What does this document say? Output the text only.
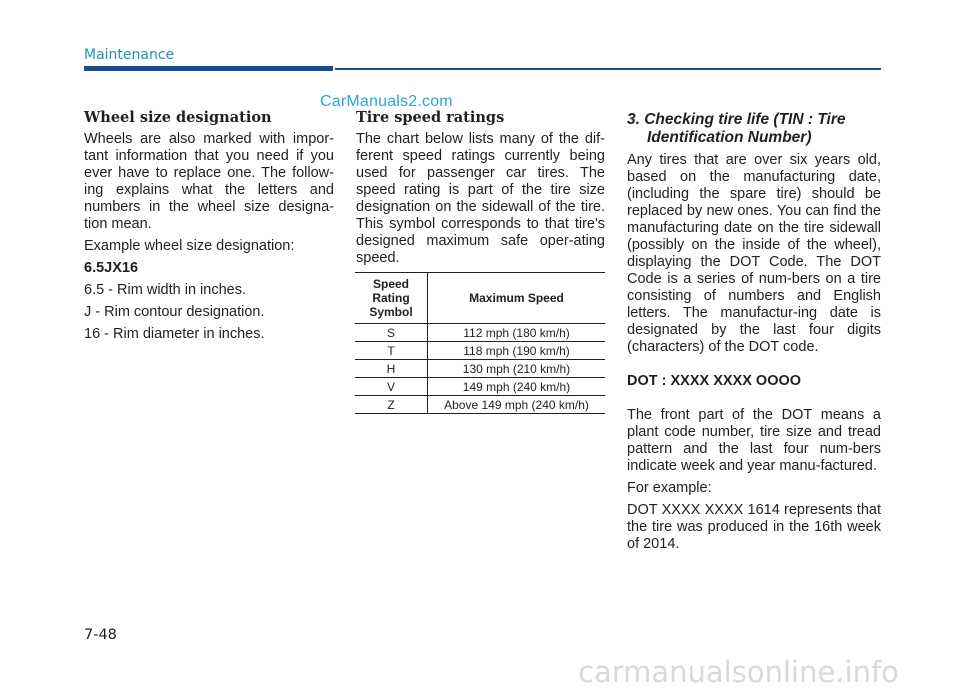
Maintenance
CarManuals2.com
Wheel size designation

Wheels are also marked with impor-tant information that you need if you ever have to replace one. The follow-ing explains what the letters and numbers in the wheel size designa-tion mean.

Example wheel size designation:

6.5JX16

6.5 - Rim width in inches.

J - Rim contour designation.

16 - Rim diameter in inches.

Tire speed ratings

The chart below lists many of the dif-ferent speed ratings currently being used for passenger car tires. The speed rating is part of the tire size designation on the sidewall of the tire. This symbol corresponds to that tire's designed maximum safe oper-ating speed.

Speed Rating Symbol	Maximum Speed
S	112 mph (180 km/h)
T	118 mph (190 km/h)
H	130 mph (210 km/h)
V	149 mph (240 km/h)
Z	Above 149 mph (240 km/h)
3. Checking tire life (TIN : Tire Identification Number)

Any tires that are over six years old, based on the manufacturing date, (including the spare tire) should be replaced by new ones. You can find the manufacturing date on the tire sidewall (possibly on the inside of the wheel), displaying the DOT Code. The DOT Code is a series of num-bers on a tire consisting of numbers and English letters. The manufactur-ing date is designated by the last four digits (characters) of the DOT code.

DOT : XXXX XXXX OOOO

The front part of the DOT means a plant code number, tire size and tread pattern and the last four num-bers indicate week and year manu-factured.

For example:

DOT XXXX XXXX 1614 represents that the tire was produced in the 16th week of 2014.

7-48
carmanualsonline.info
